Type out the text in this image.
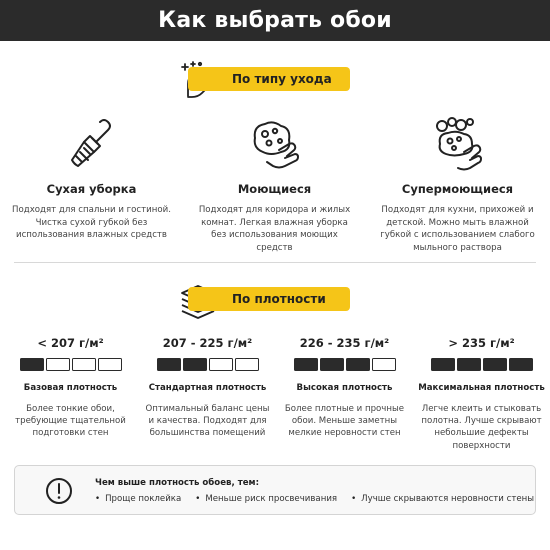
Как выбрать обои
По типу ухода
Сухая уборка
Подходят для спальни и гостиной. Чистка сухой губкой без использования влажных средств
Моющиеся
Подходят для коридора и жилых комнат. Легкая влажная уборка без использования моющих средств
Супермоющиеся
Подходят для кухни, прихожей и детской. Можно мыть влажной губкой с использованием слабого мыльного раствора
По плотности
< 207 г/м²
Базовая плотность
Более тонкие обои, требующие тщательной подготовки стен
207 - 225 г/м²
Стандартная плотность
Оптимальный баланс цены и качества. Подходят для большинства помещений
226 - 235 г/м²
Высокая плотность
Более плотные и прочные обои. Меньше заметны мелкие неровности стен
> 235 г/м²
Максимальная плотность
Легче клеить и стыковать полотна. Лучше скрывают небольшие дефекты поверхности
Чем выше плотность обоев, тем:
• Проще поклейка	• Меньше риск просвечивания	• Лучше скрываются неровности стены
